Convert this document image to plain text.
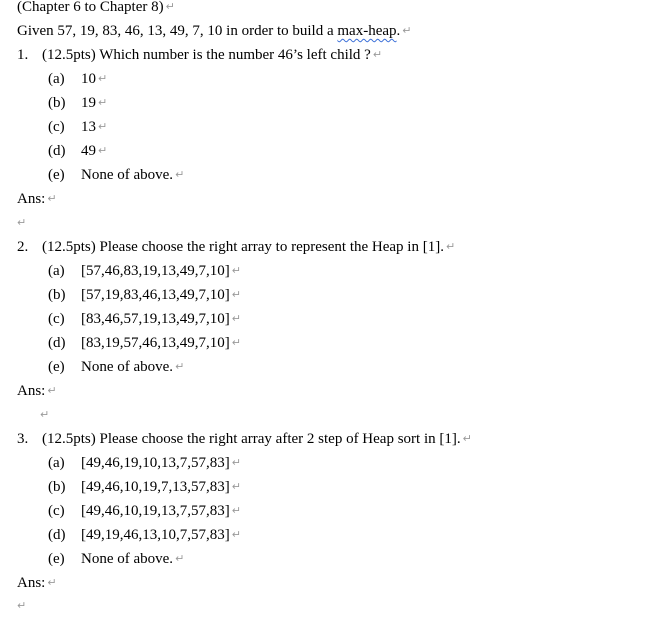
(Chapter 6 to Chapter 8) ↵
Given 57, 19, 83, 46, 13, 49, 7, 10 in order to build a max-heap. ↵
1. (12.5pts) Which number is the number 46’s left child ? ↵
(a) 10 ↵
(b) 19 ↵
(c) 13 ↵
(d) 49 ↵
(e) None of above. ↵
Ans: ↵
↵
2. (12.5pts) Please choose the right array to represent the Heap in [1]. ↵
(a) [57,46,83,19,13,49,7,10] ↵
(b) [57,19,83,46,13,49,7,10] ↵
(c) [83,46,57,19,13,49,7,10] ↵
(d) [83,19,57,46,13,49,7,10] ↵
(e) None of above. ↵
Ans: ↵
↵
3. (12.5pts) Please choose the right array after 2 step of Heap sort in [1]. ↵
(a) [49,46,19,10,13,7,57,83] ↵
(b) [49,46,10,19,7,13,57,83] ↵
(c) [49,46,10,19,13,7,57,83] ↵
(d) [49,19,46,13,10,7,57,83] ↵
(e) None of above. ↵
Ans: ↵
↵
